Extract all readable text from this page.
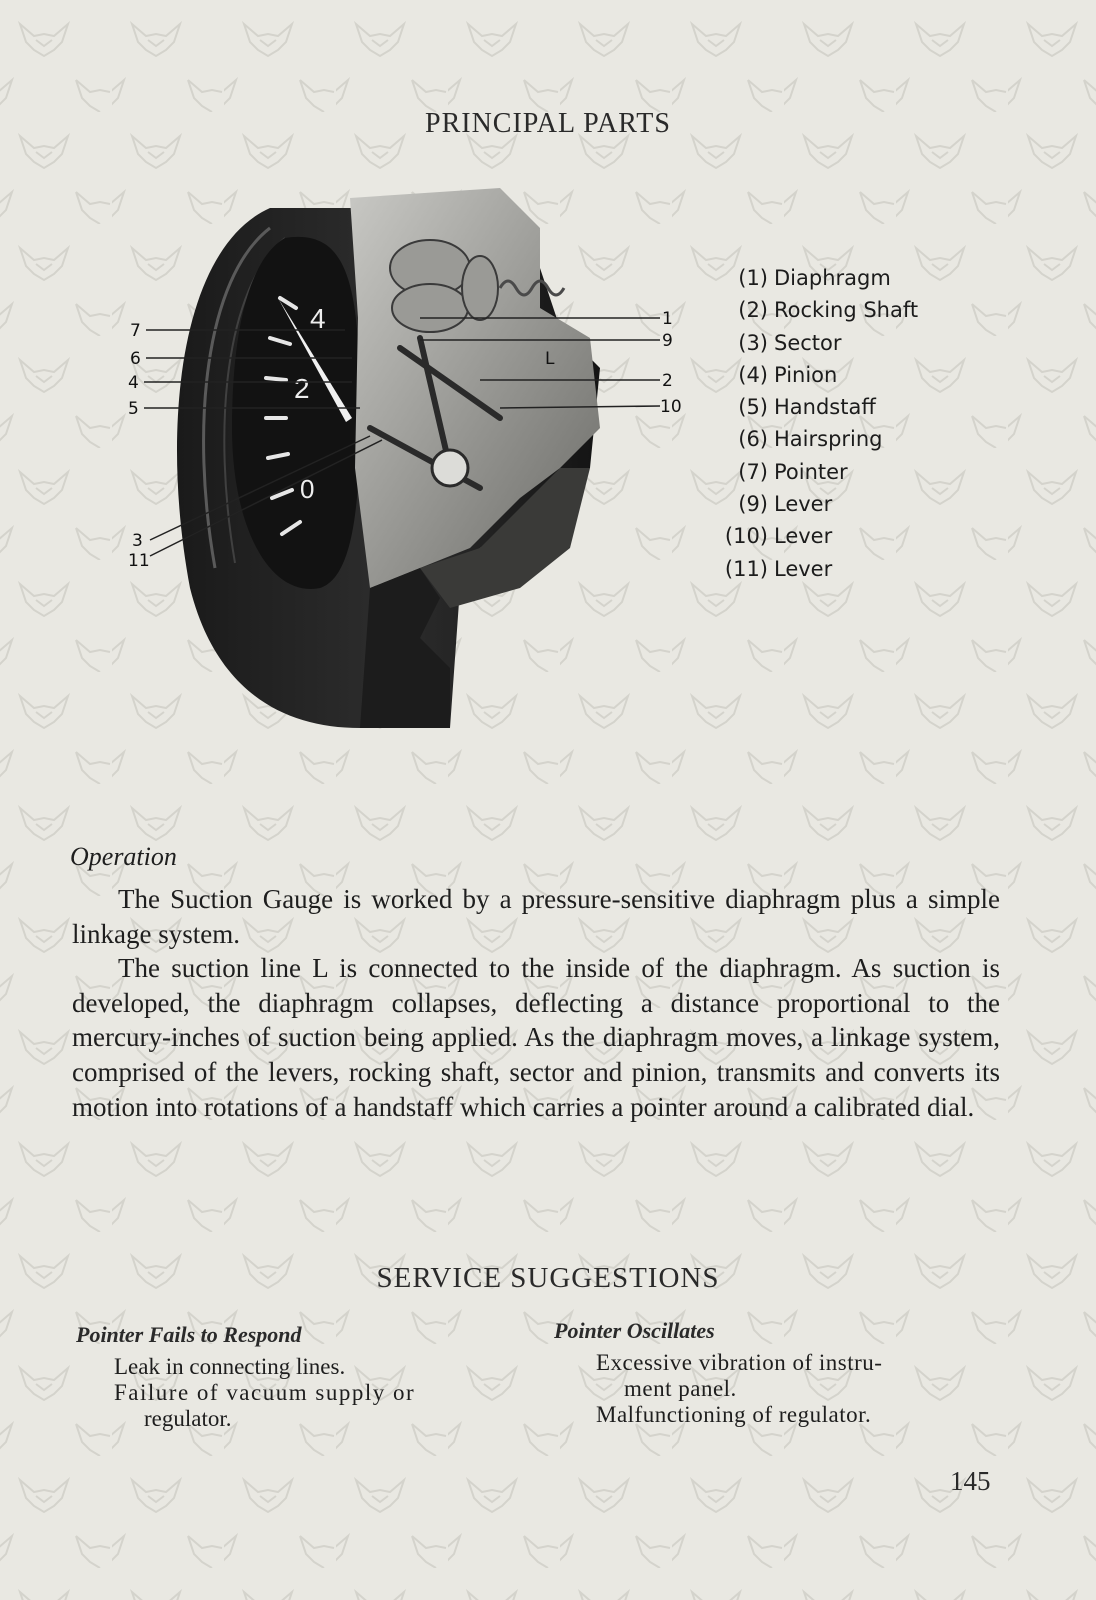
PRINCIPAL PARTS
4
2
0
7
6
4
5
3
11
1
9
2
10
L
(1) Diaphragm
(2) Rocking Shaft
(3) Sector
(4) Pinion
(5) Handstaff
(6) Hairspring
(7) Pointer
(9) Lever
(10) Lever
(11) Lever
Operation

The Suction Gauge is worked by a pressure-sensitive diaphragm plus a simple linkage system.

The suction line L is connected to the inside of the diaphragm. As suction is developed, the diaphragm collapses, deflecting a distance proportional to the mercury-inches of suction being applied. As the diaphragm moves, a linkage system, comprised of the levers, rocking shaft, sector and pinion, transmits and converts its motion into rotations of a handstaff which carries a pointer around a calibrated dial.

SERVICE SUGGESTIONS
Pointer Fails to Respond
Leak in connecting lines.
Failure of vacuum supply or
regulator.
Pointer Oscillates
Excessive vibration of instru-
ment panel.
Malfunctioning of regulator.
145
